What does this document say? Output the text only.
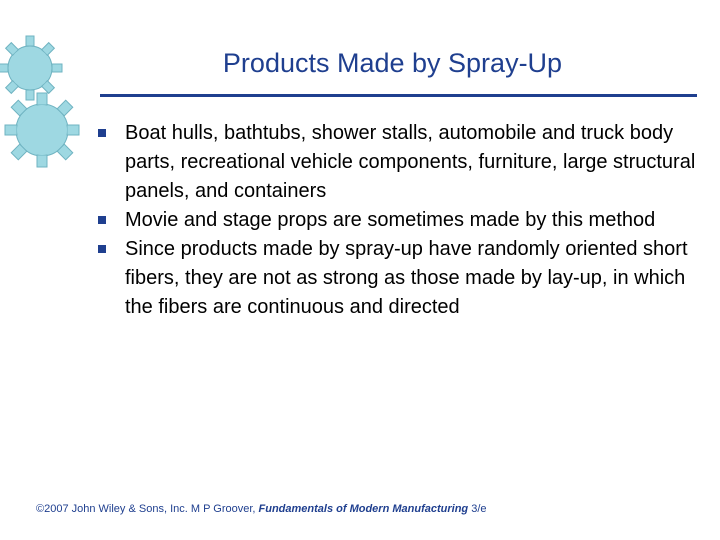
Products Made by Spray‑Up
Boat hulls, bathtubs, shower stalls, automobile and truck body parts, recreational vehicle components, furniture, large structural panels, and containers
Movie and stage props are sometimes made by this method
Since products made by spray‑up have randomly oriented short fibers, they are not as strong as those made by lay‑up, in which the fibers are continuous and directed
©2007 John Wiley & Sons, Inc. M P Groover, Fundamentals of Modern Manufacturing 3/e
